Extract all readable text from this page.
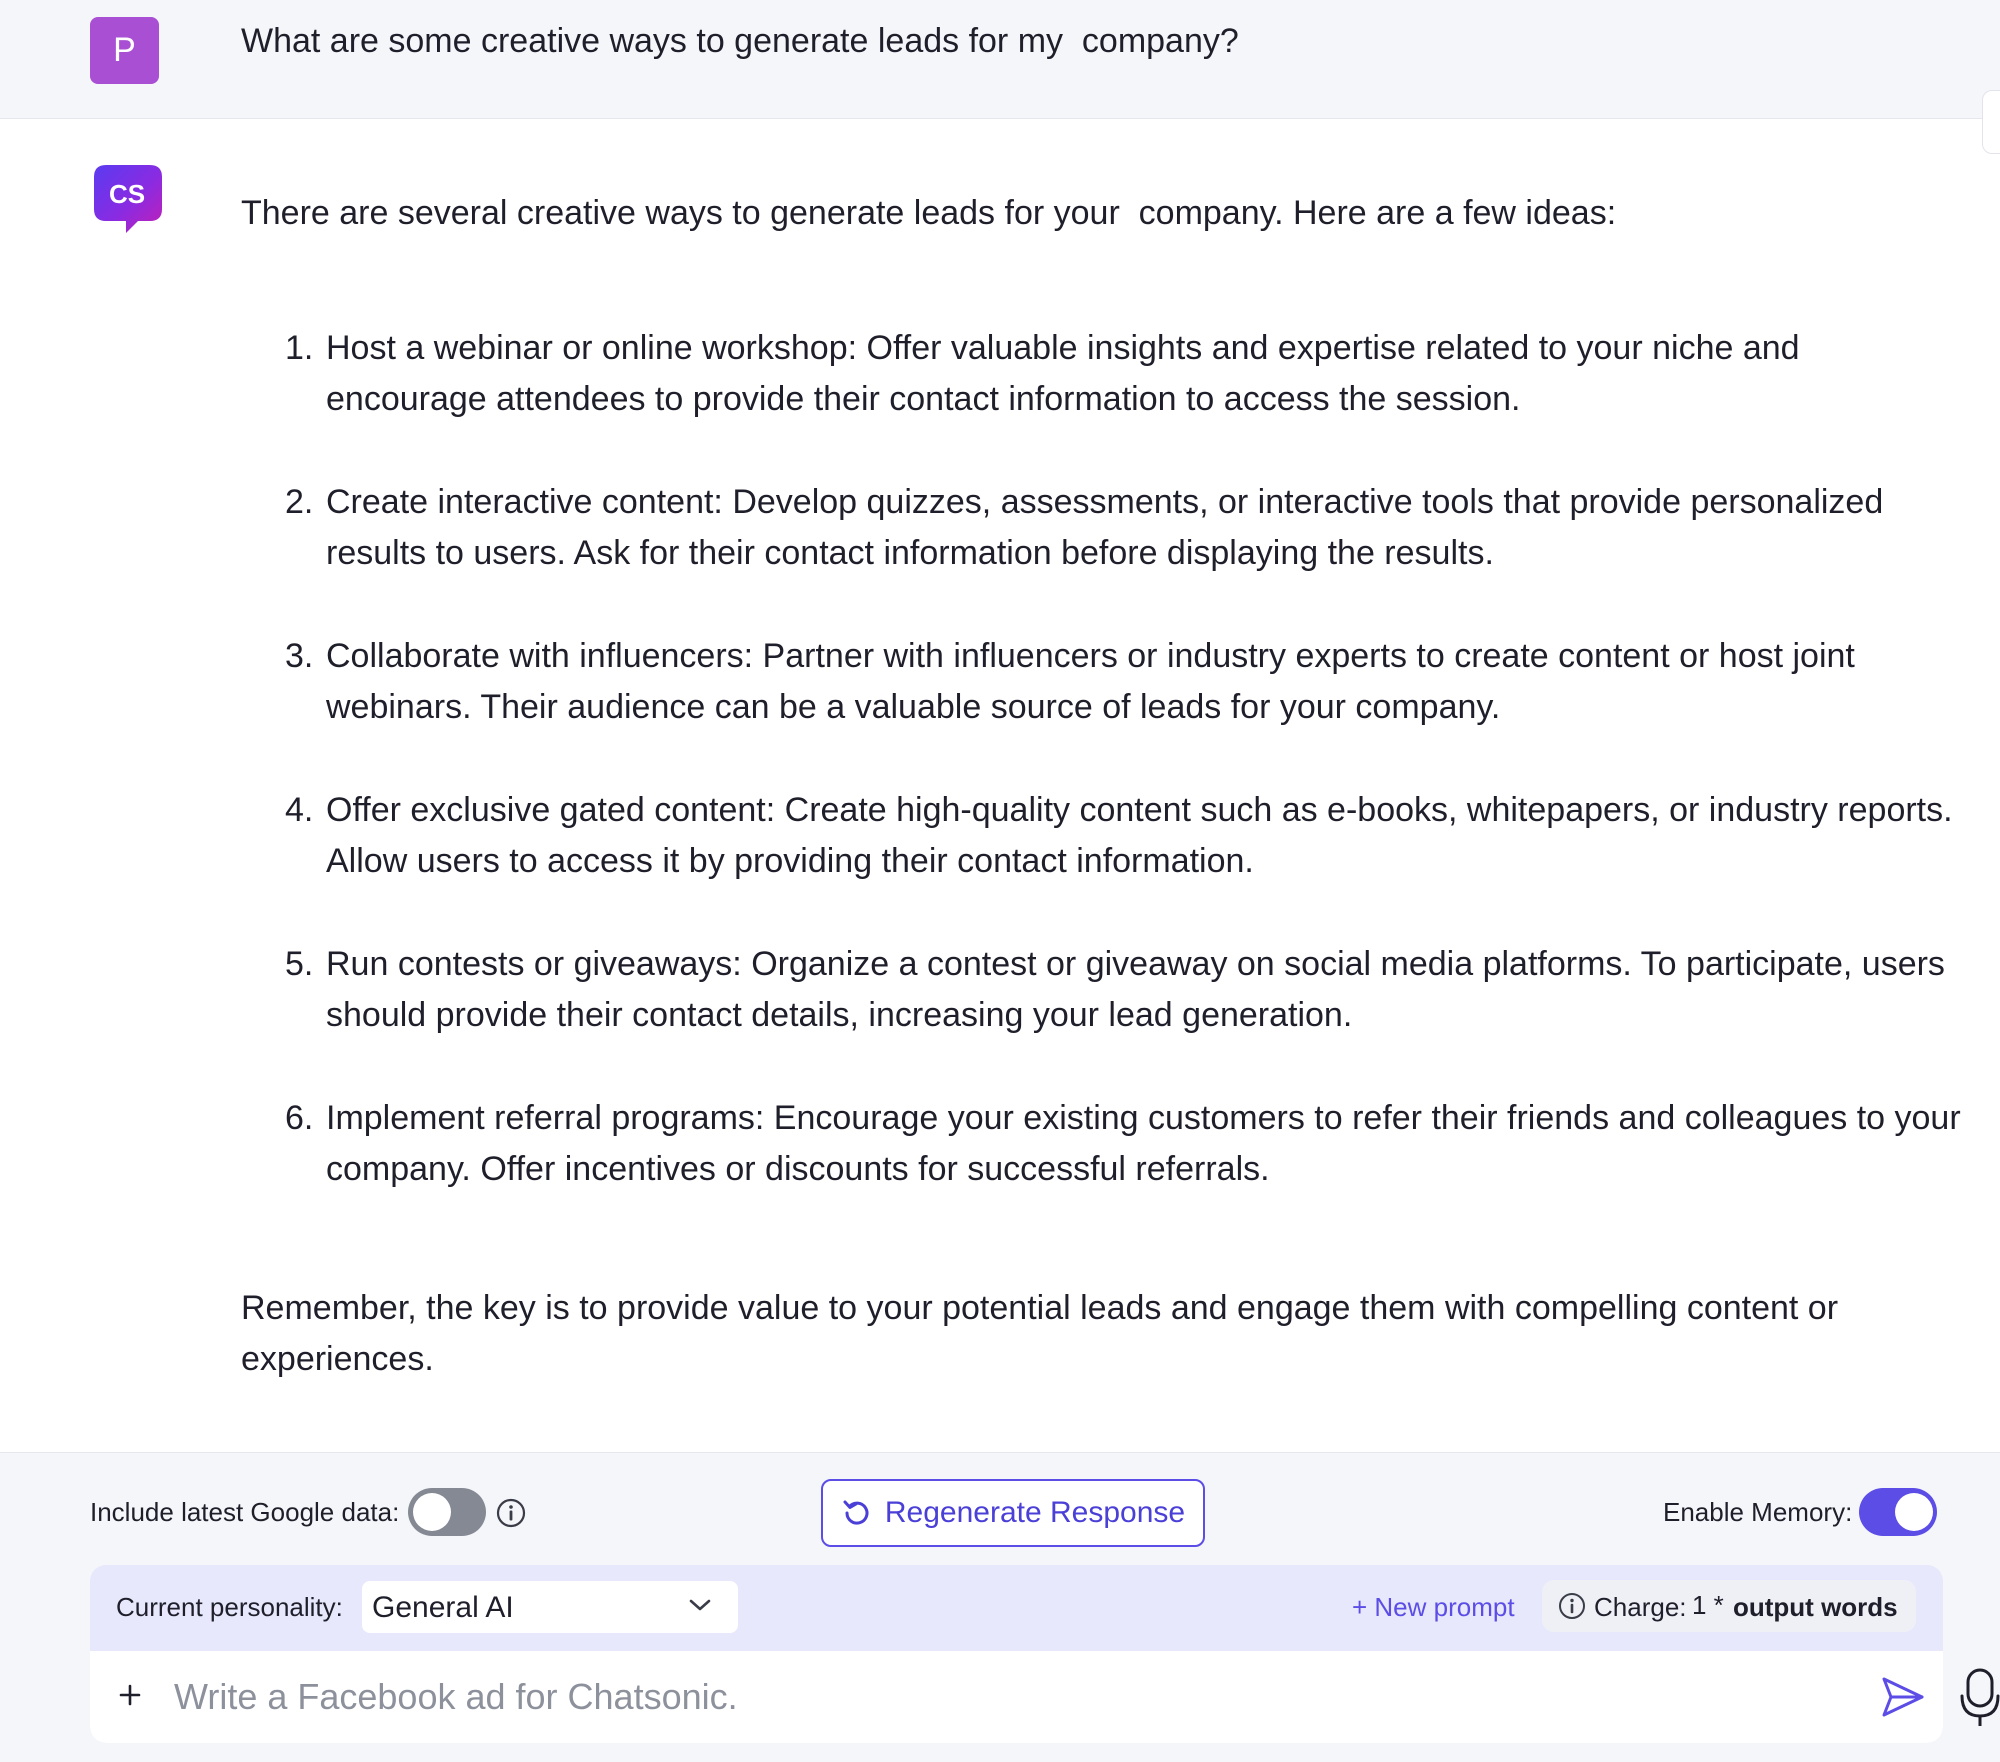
P	What are some creative ways to generate leads for my  company?
CS	There are several creative ways to generate leads for your  company. Here are a few ideas:

1. Host a webinar or online workshop: Offer valuable insights and expertise related to your niche and encourage attendees to provide their contact information to access the session.
2. Create interactive content: Develop quizzes, assessments, or interactive tools that provide personalized results to users. Ask for their contact information before displaying the results.
3. Collaborate with influencers: Partner with influencers or industry experts to create content or host joint webinars. Their audience can be a valuable source of leads for your company.
4. Offer exclusive gated content: Create high-quality content such as e-books, whitepapers, or industry reports. Allow users to access it by providing their contact information.
5. Run contests or giveaways: Organize a contest or giveaway on social media platforms. To participate, users should provide their contact details, increasing your lead generation.
6. Implement referral programs: Encourage your existing customers to refer their friends and colleagues to your company. Offer incentives or discounts for successful referrals.

Remember, the key is to provide value to your potential leads and engage them with compelling content or experiences.

Include latest Google data:	Regenerate Response	Enable Memory:
Current personality: General AI	+ New prompt	Charge: 1 * output words
Write a Facebook ad for Chatsonic.
